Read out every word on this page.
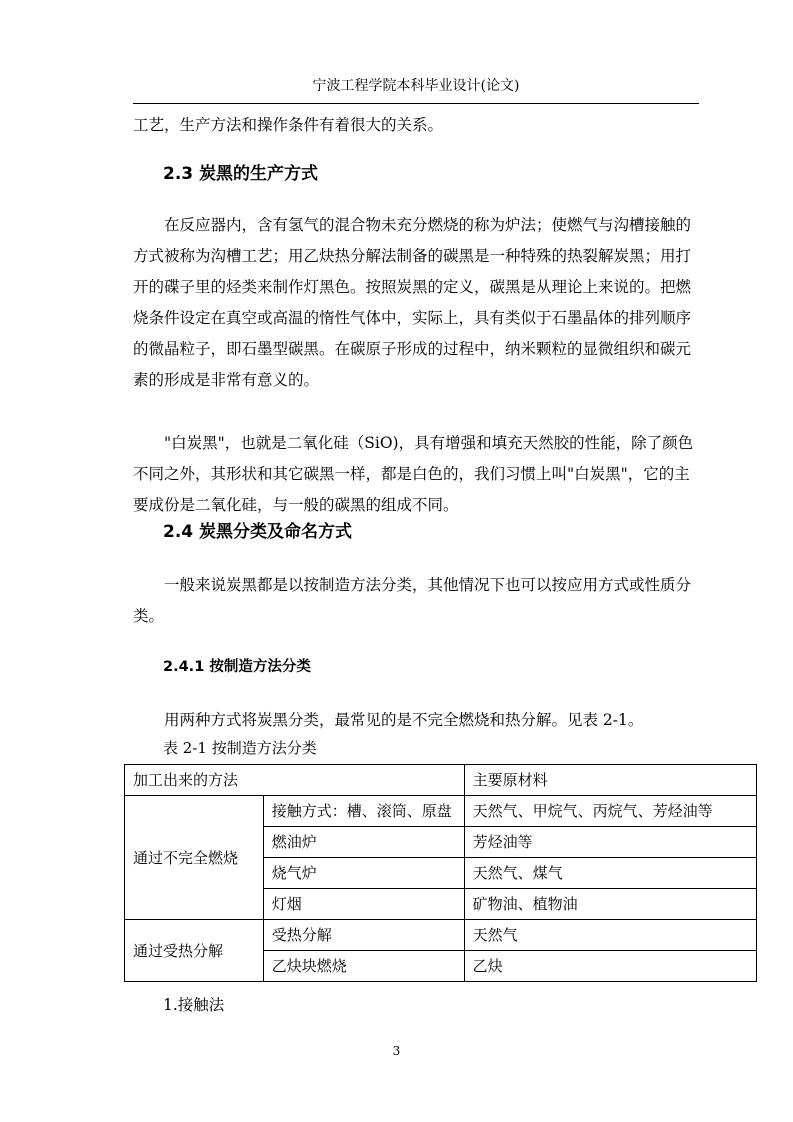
宁波工程学院本科毕业设计(论文)

工艺，生产方法和操作条件有着很大的关系。

2.3 炭黑的生产方式

在反应器内，含有氢气的混合物未充分燃烧的称为炉法；使燃气与沟槽接触的方式被称为沟槽工艺；用乙炔热分解法制备的碳黑是一种特殊的热裂解炭黑；用打开的碟子里的烃类来制作灯黑色。按照炭黑的定义，碳黑是从理论上来说的。把燃烧条件设定在真空或高温的惰性气体中，实际上，具有类似于石墨晶体的排列顺序的微晶粒子，即石墨型碳黑。在碳原子形成的过程中，纳米颗粒的显微组织和碳元素的形成是非常有意义的。

"白炭黑"，也就是二氧化硅（SiO)，具有增强和填充天然胶的性能，除了颜色不同之外，其形状和其它碳黑一样，都是白色的，我们习惯上叫"白炭黑"，它的主要成份是二氧化硅，与一般的碳黑的组成不同。

2.4 炭黑分类及命名方式

一般来说炭黑都是以按制造方法分类，其他情况下也可以按应用方式或性质分类。

2.4.1 按制造方法分类

用两种方式将炭黑分类，最常见的是不完全燃烧和热分解。见表 2-1。

表 2-1 按制造方法分类
加工出来的方法		主要原材料
通过不完全燃烧	接触方式：槽、滚筒、原盘	天然气、甲烷气、丙烷气、芳烃油等
	燃油炉	芳烃油等
	烧气炉	天然气、煤气
	灯烟	矿物油、植物油
通过受热分解	受热分解	天然气
	乙炔块燃烧	乙炔

1.接触法

3
